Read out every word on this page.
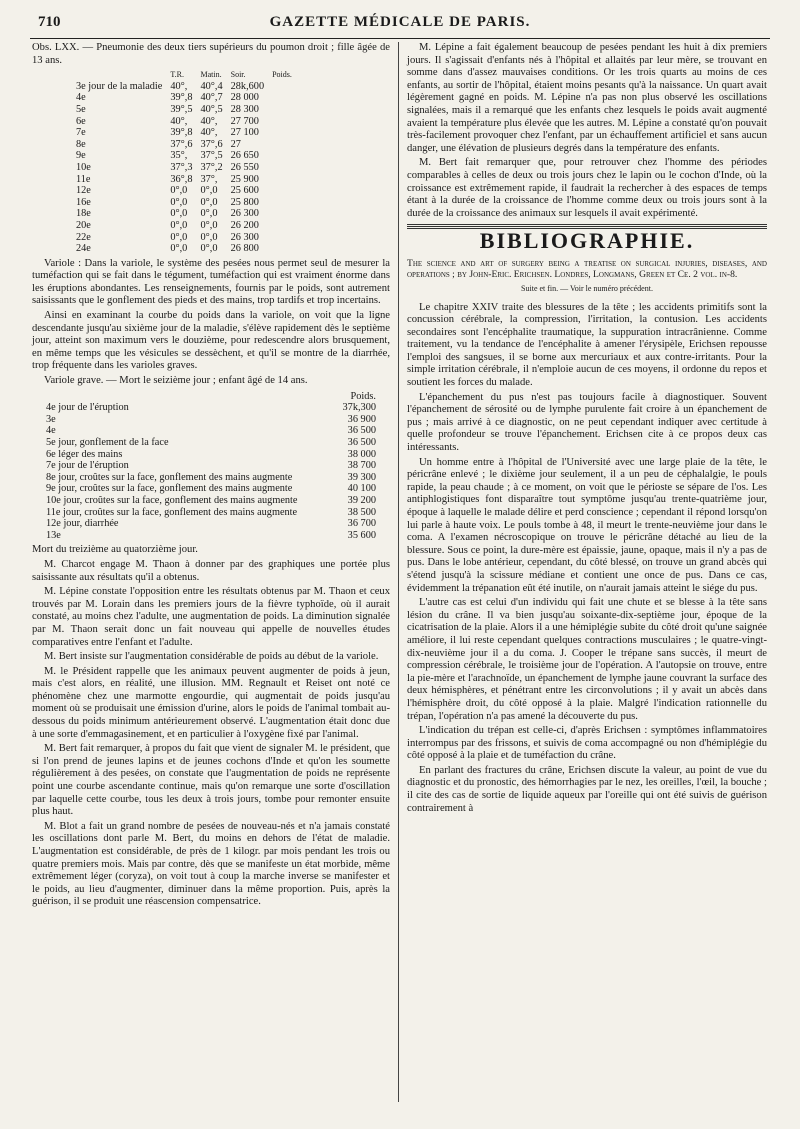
710	GAZETTE MÉDICALE DE PARIS.

Obs. LXX. — Pneumonie des deux tiers supérieurs du poumon droit ; fille âgée de 13 ans.

	T.R.	Matin.	Soir.	Poids.
3e jour de la maladie	40°,	40°,4	28k,600	
4e	39°,8	40°,7	28 000	
5e	39°,5	40°,5	28 300	
6e	40°,	40°,	27 700	
7e	39°,8	40°,	27 100	
8e	37°,6	37°,6	27	
9e	35°,	37°,5	26 650	
10e	37°,3	37°,2	26 550	
11e	36°,8	37°,	25 900	
12e	0°,0	0°,0	25 600	
16e	0°,0	0°,0	25 800	
18e	0°,0	0°,0	26 300	
20e	0°,0	0°,0	26 200	
22e	0°,0	0°,0	26 300	
24e	0°,0	0°,0	26 800	

Variole : Dans la variole, le système des pesées nous permet seul de mesurer la tuméfaction qui se fait dans le tégument, tuméfaction qui est vraiment énorme dans les éruptions abondantes. Les renseignements, fournis par le poids, sont autrement saisissants que le gonflement des pieds et des mains, trop tardifs et trop incertains.

Ainsi en examinant la courbe du poids dans la variole, on voit que la ligne descendante jusqu'au sixième jour de la maladie, s'élève rapidement dès le septième jour, atteint son maximum vers le douzième, pour redescendre alors brusquement, en même temps que les vésicules se dessèchent, et qu'il se montre de la diarrhée, trop fréquente dans les varioles graves.

Variole grave. — Mort le seizième jour ; enfant âgé de 14 ans.

	Poids.
4e jour de l'éruption	37k,300
3e	36 900
4e	36 500
5e jour, gonflement de la face	36 500
6e léger des mains	38 000
7e jour de l'éruption	38 700
8e jour, croûtes sur la face, gonflement des mains augmente	39 300
9e jour, croûtes sur la face, gonflement des mains augmente	40 100
10e jour, croûtes sur la face, gonflement des mains augmente	39 200
11e jour, croûtes sur la face, gonflement des mains augmente	38 500
12e jour, diarrhée	36 700
13e	35 600

Mort du treizième au quatorzième jour.

M. Charcot engage M. Thaon à donner par des graphiques une portée plus saisissante aux résultats qu'il a obtenus.

M. Lépine constate l'opposition entre les résultats obtenus par M. Thaon et ceux trouvés par M. Lorain dans les premiers jours de la fièvre typhoïde, où il aurait constaté, au moins chez l'adulte, une augmentation de poids. La diminution signalée par M. Thaon serait donc un fait nouveau qui appelle de nouvelles études comparatives entre l'enfant et l'adulte.

M. Bert insiste sur l'augmentation considérable de poids au début de la variole.

M. le Président rappelle que les animaux peuvent augmenter de poids à jeun, mais c'est alors, en réalité, une illusion. MM. Regnault et Reiset ont noté ce phénomène chez une marmotte engourdie, qui augmentait de poids jusqu'au moment où se produisait une émission d'urine, alors le poids de l'animal tombait au-dessous du poids minimum antérieurement observé. L'augmentation était donc due à une sorte d'emmagasinement, et en particulier à l'oxygène fixé par l'animal.

M. Bert fait remarquer, à propos du fait que vient de signaler M. le président, que si l'on prend de jeunes lapins et de jeunes cochons d'Inde et qu'on les soumette régulièrement à des pesées, on constate que l'augmentation de poids ne représente point une courbe ascendante continue, mais qu'on remarque une sorte d'oscillation par laquelle cette courbe, tous les deux à trois jours, tombe pour remonter ensuite plus haut.

M. Blot a fait un grand nombre de pesées de nouveau-nés et n'a jamais constaté les oscillations dont parle M. Bert, du moins en dehors de l'état de maladie. L'augmentation est considérable, de près de 1 kilogr. par mois pendant les trois ou quatre premiers mois. Mais par contre, dès que se manifeste un état morbide, même extrêmement léger (coryza), on voit tout à coup la marche inverse se manifester et le poids, au lieu d'augmenter, diminuer dans la même proportion. Puis, après la guérison, il se produit une réascension compensatrice.

M. Lépine a fait également beaucoup de pesées pendant les huit à dix premiers jours. Il s'agissait d'enfants nés à l'hôpital et allaités par leur mère, se trouvant en somme dans d'assez mauvaises conditions. Or les trois quarts au moins de ces enfants, au sortir de l'hôpital, étaient moins pesants qu'à la naissance. Un quart avait légèrement gagné en poids. M. Lépine n'a pas non plus observé les oscillations signalées, mais il a remarqué que les enfants chez lesquels le poids avait augmenté avaient la température plus élevée que les autres. M. Lépine a constaté qu'on pouvait très-facilement provoquer chez l'enfant, par un échauffement artificiel et sans aucun danger, une élévation de plusieurs degrés dans la température des enfants.

M. Bert fait remarquer que, pour retrouver chez l'homme des périodes comparables à celles de deux ou trois jours chez le lapin ou le cochon d'Inde, où la croissance est extrêmement rapide, il faudrait la rechercher à des espaces de temps étant à la durée de la croissance de l'homme comme deux ou trois jours sont à la durée de la croissance des animaux sur lesquels il avait expérimenté.

BIBLIOGRAPHIE.

The science and art of surgery being a treatise on surgical injuries, diseases, and operations ; by John-Eric. Erichsen. Londres, Longmans, Green et Ce. 2 vol. in-8.

Suite et fin. — Voir le numéro précédent.

Le chapitre XXIV traite des blessures de la tête ; les accidents primitifs sont la concussion cérébrale, la compression, l'irritation, la contusion. Les accidents secondaires sont l'encéphalite traumatique, la suppuration intracrânienne. Comme traitement, vu la tendance de l'encéphalite à amener l'érysipèle, Erichsen repousse l'emploi des sangsues, il se borne aux mercuriaux et aux contre-irritants. Pour la simple irritation cérébrale, il n'emploie aucun de ces moyens, il ordonne du repos et soutient les forces du malade.

L'épanchement du pus n'est pas toujours facile à diagnostiquer. Souvent l'épanchement de sérosité ou de lymphe purulente fait croire à un épanchement de pus ; mais arrivé à ce diagnostic, on ne peut cependant indiquer avec certitude à quelle profondeur se trouve l'épanchement. Erichsen cite à ce propos deux cas intéressants.

Un homme entre à l'hôpital de l'Université avec une large plaie de la tête, le péricrâne enlevé ; le dixième jour seulement, il a un peu de céphalalgie, le pouls rapide, la peau chaude ; à ce moment, on voit que le périoste se sépare de l'os. Les antiphlogistiques font disparaître tout symptôme jusqu'au trente-quatrième jour, époque à laquelle le malade délire et perd conscience ; cependant il répond lorsqu'on lui parle à haute voix. Le pouls tombe à 48, il meurt le trente-neuvième jour dans le coma. A l'examen nécroscopique on trouve le péricrâne détaché au lieu de la blessure. Sous ce point, la dure-mère est épaissie, jaune, opaque, mais il n'y a pas de pus. Dans le lobe antérieur, cependant, du côté blessé, on trouve un grand abcès qui s'étend jusqu'à la scissure médiane et contient une once de pus. Dans ce cas, évidemment la trépanation eût été inutile, on n'aurait jamais atteint le siége du pus.

L'autre cas est celui d'un individu qui fait une chute et se blesse à la tête sans lésion du crâne. Il va bien jusqu'au soixante-dix-septième jour, époque de la cicatrisation de la plaie. Alors il a une hémiplégie subite du côté droit qu'une saignée améliore, il lui reste cependant quelques contractions musculaires ; le quatre-vingt-dix-neuvième jour il a du coma. J. Cooper le trépane sans succès, il meurt de compression cérébrale, le troisième jour de l'opération. A l'autopsie on trouve, entre la pie-mère et l'arachnoïde, un épanchement de lymphe jaune couvrant la surface des deux hémisphères, et pénétrant entre les circonvolutions ; il y avait un abcès dans l'hémisphère droit, du côté opposé à la plaie. Malgré l'indication rationnelle du trépan, l'opération n'a pas amené la découverte du pus.

L'indication du trépan est celle-ci, d'après Erichsen : symptômes inflammatoires interrompus par des frissons, et suivis de coma accompagné ou non d'hémiplégie du côté opposé à la plaie et de tuméfaction du crâne.

En parlant des fractures du crâne, Erichsen discute la valeur, au point de vue du diagnostic et du pronostic, des hémorrhagies par le nez, les oreilles, l'œil, la bouche ; il cite des cas de sortie de liquide aqueux par l'oreille qui ont été suivis de guérison contrairement à
